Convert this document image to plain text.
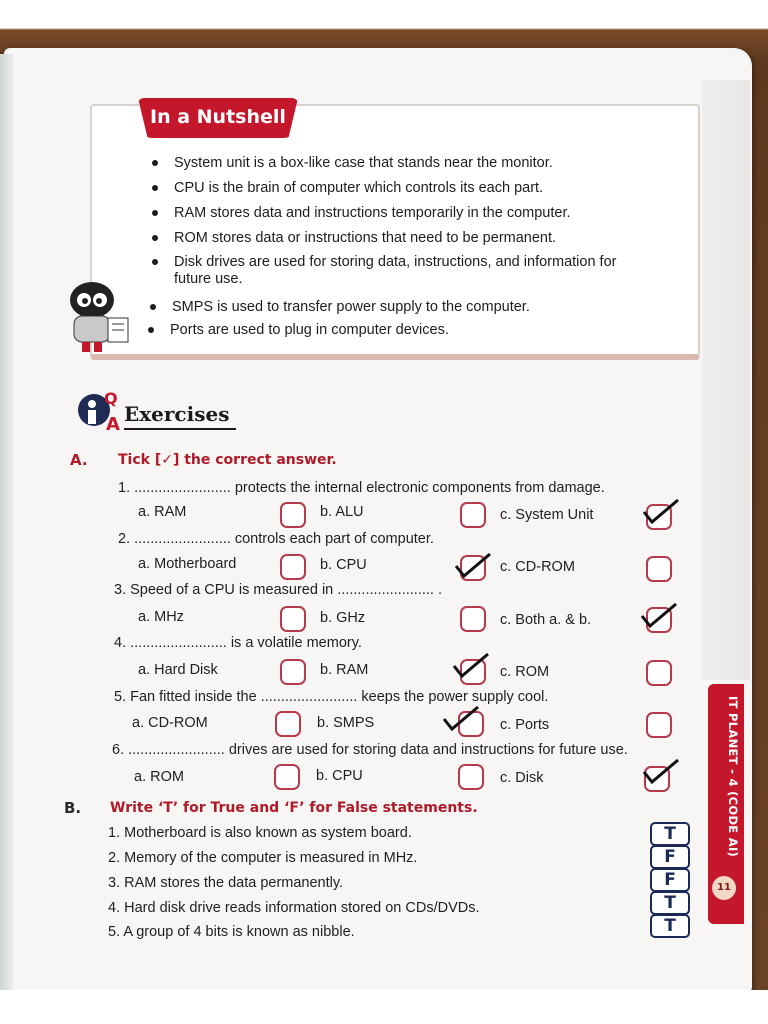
In a Nutshell
System unit is a box-like case that stands near the monitor.
CPU is the brain of computer which controls its each part.
RAM stores data and instructions temporarily in the computer.
ROM stores data or instructions that need to be permanent.
Disk drives are used for storing data, instructions, and information for
future use.
SMPS is used to transfer power supply to the computer.
Ports are used to plug in computer devices.
Q
A Exercises
A. Tick [✓] the correct answer.
1. ........................ protects the internal electronic components from damage.
a. RAM	b. ALU	c. System Unit
2. ........................ controls each part of computer.
a. Motherboard	b. CPU	c. CD-ROM
3. Speed of a CPU is measured in ........................ .
a. MHz	b. GHz	c. Both a. & b.
4. ........................ is a volatile memory.
a. Hard Disk	b. RAM	c. ROM
5. Fan fitted inside the ........................ keeps the power supply cool.
a. CD-ROM	b. SMPS	c. Ports
6. ........................ drives are used for storing data and instructions for future use.
a. ROM	b. CPU	c. Disk
B. Write ‘T’ for True and ‘F’ for False statements.
1. Motherboard is also known as system board.	T
2. Memory of the computer is measured in MHz.	F
3. RAM stores the data permanently.	F
4. Hard disk drive reads information stored on CDs/DVDs.	T
5. A group of 4 bits is known as nibble.	T
IT PLANET - 4 (CODE AI)
11
